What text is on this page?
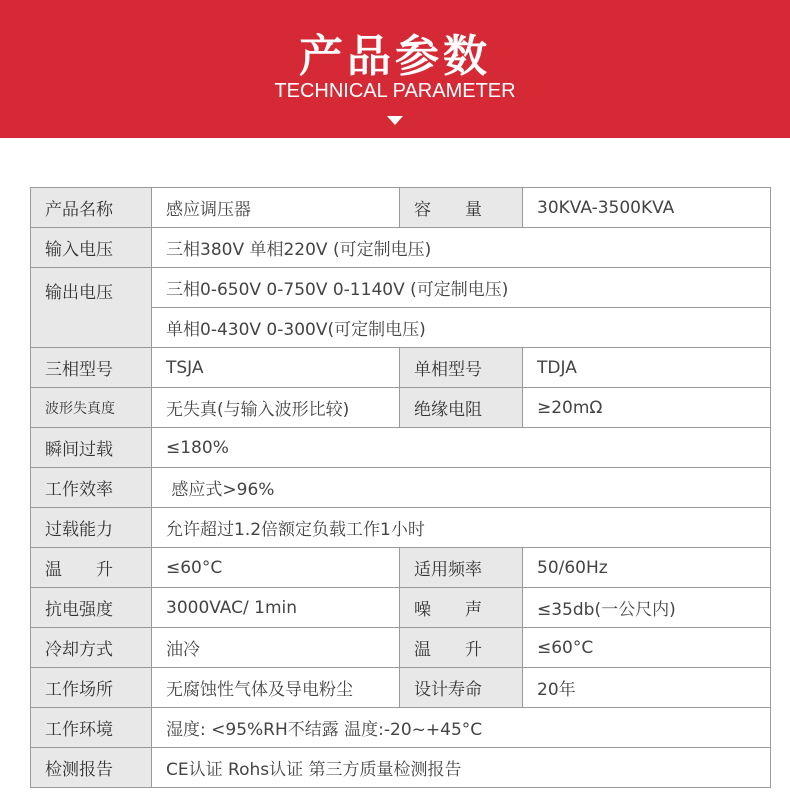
产品参数
TECHNICAL PARAMETER
产品名称	感应调压器	容　　量	30KVA-3500KVA
输入电压	三相380V 单相220V (可定制电压)		
输出电压	三相0-650V 0-750V 0-1140V (可定制电压)		
	单相0-430V 0-300V(可定制电压)		
三相型号	TSJA	单相型号	TDJA
波形失真度	无失真(与输入波形比较)	绝缘电阻	≥20mΩ
瞬间过载	≤180%		
工作效率	感应式>96%		
过载能力	允许超过1.2倍额定负载工作1小时		
温　　升	≤60°C	适用频率	50/60Hz
抗电强度	3000VAC/ 1min	噪　　声	≤35db(一公尺内)
冷却方式	油冷	温　　升	≤60°C
工作场所	无腐蚀性气体及导电粉尘	设计寿命	20年
工作环境	湿度: <95%RH不结露 温度:-20~+45°C		
检测报告	CE认证 Rohs认证 第三方质量检测报告		
